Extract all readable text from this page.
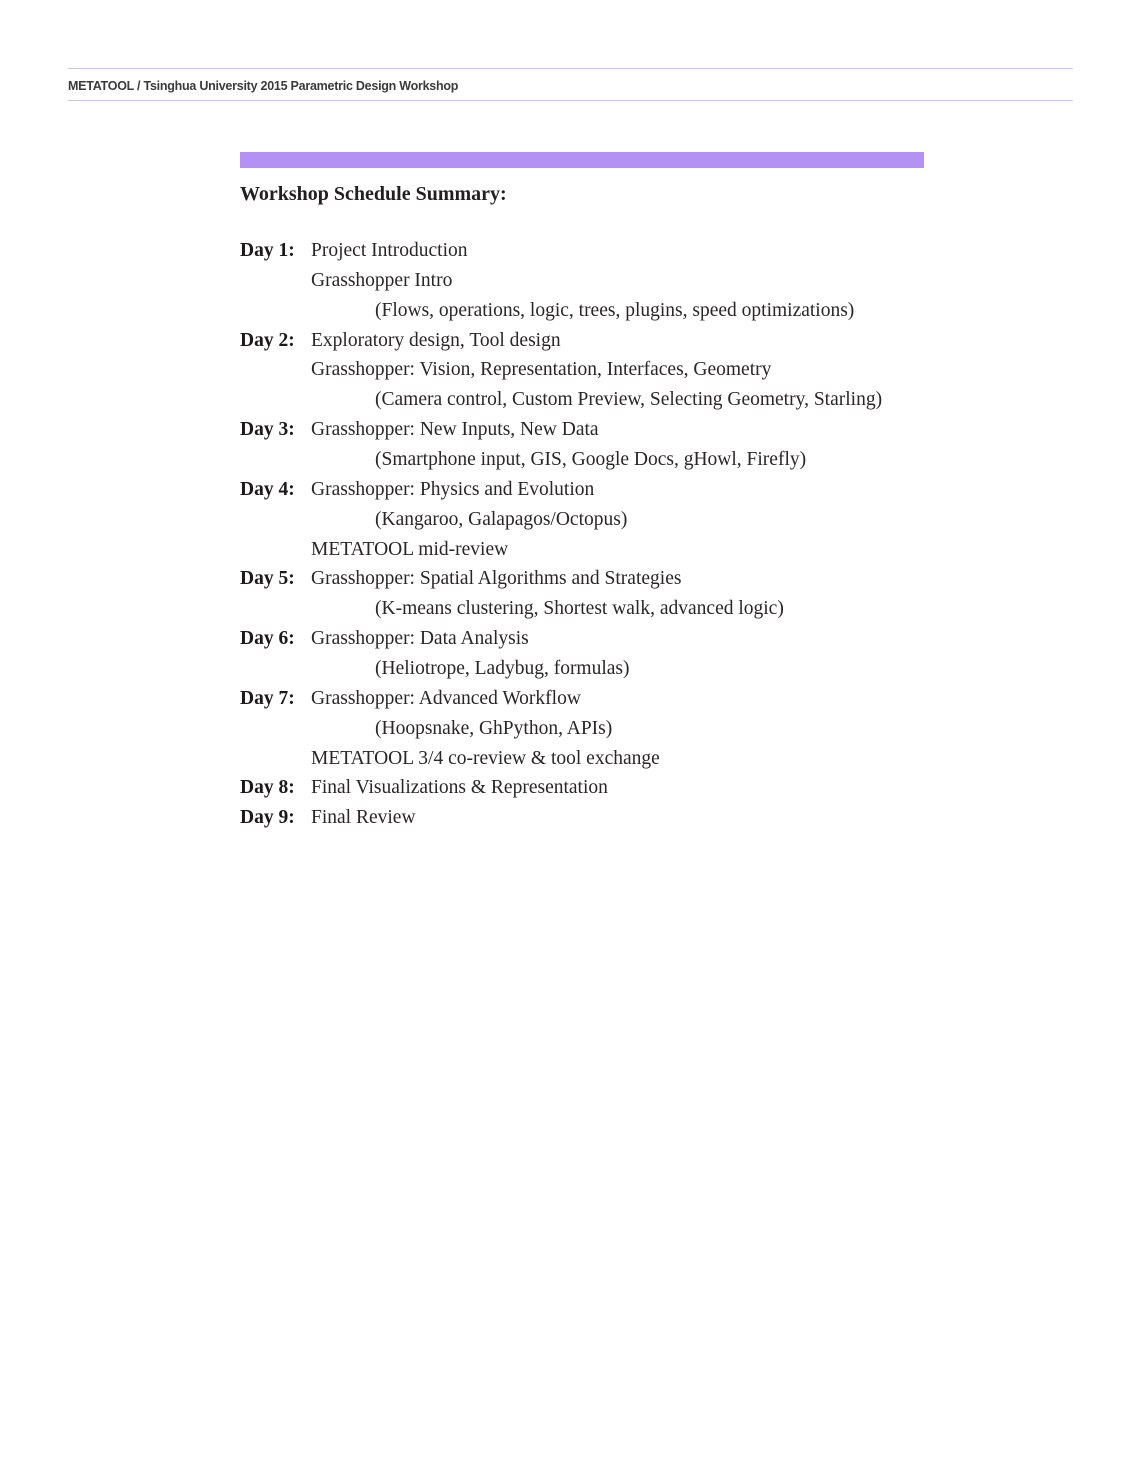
METATOOL / Tsinghua University 2015 Parametric Design Workshop
Workshop Schedule Summary:
Day 1: Project Introduction
Grasshopper Intro
(Flows, operations, logic, trees, plugins, speed optimizations)
Day 2: Exploratory design, Tool design
Grasshopper: Vision, Representation, Interfaces, Geometry
(Camera control, Custom Preview, Selecting Geometry, Starling)
Day 3: Grasshopper: New Inputs, New Data
(Smartphone input, GIS, Google Docs, gHowl, Firefly)
Day 4: Grasshopper: Physics and Evolution
(Kangaroo, Galapagos/Octopus)
METATOOL mid-review
Day 5: Grasshopper: Spatial Algorithms and Strategies
(K-means clustering, Shortest walk, advanced logic)
Day 6: Grasshopper: Data Analysis
(Heliotrope, Ladybug, formulas)
Day 7: Grasshopper: Advanced Workflow
(Hoopsnake, GhPython, APIs)
METATOOL 3/4 co-review & tool exchange
Day 8: Final Visualizations & Representation
Day 9: Final Review
